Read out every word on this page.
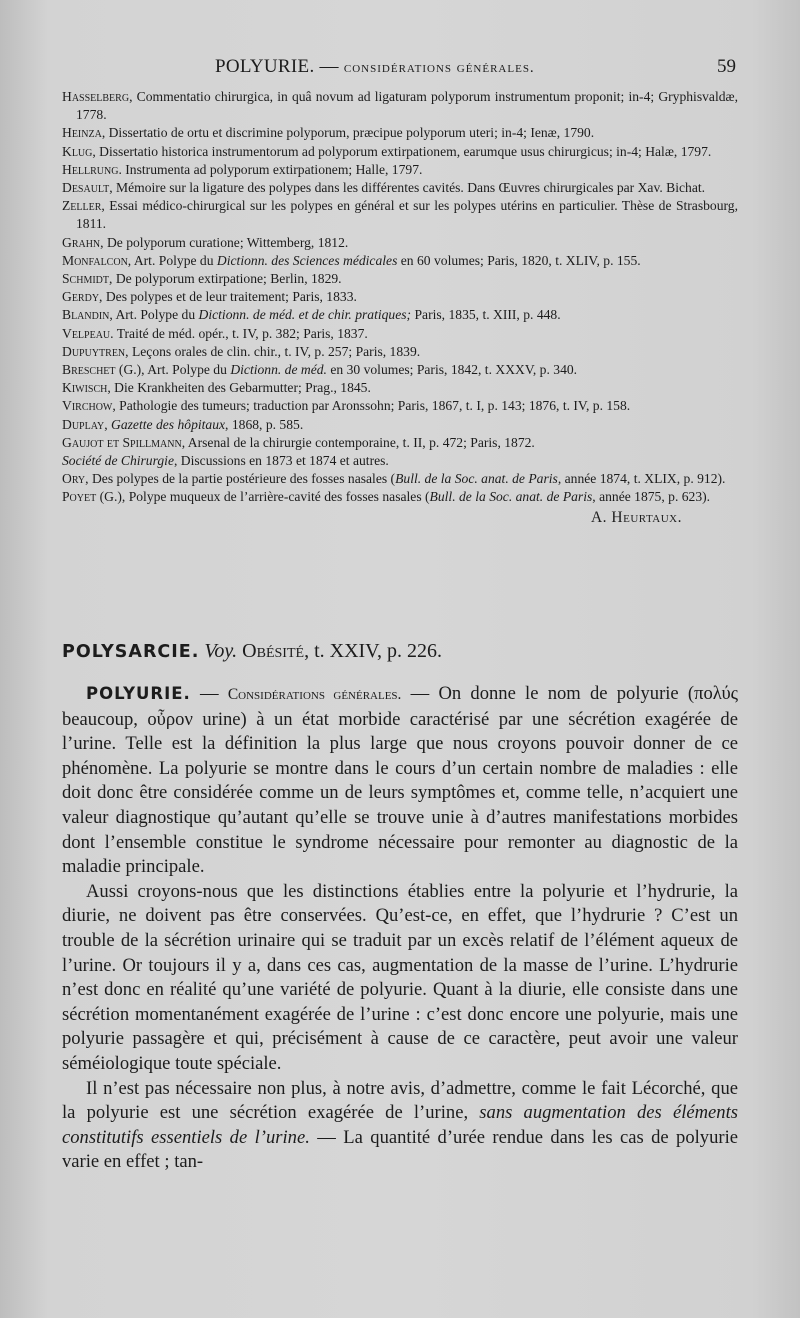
POLYURIE. — considérations générales.	59
Hasselberg, Commentatio chirurgica, in quâ novum ad ligaturam polyporum instrumentum proponit; in-4; Gryphisvaldæ, 1778.
Heinza, Dissertatio de ortu et discrimine polyporum, præcipue polyporum uteri; in-4; Ienæ, 1790.
Klug, Dissertatio historica instrumentorum ad polyporum extirpationem, earumque usus chirurgicus; in-4; Halæ, 1797.
Hellrung. Instrumenta ad polyporum extirpationem; Halle, 1797.
Desault, Mémoire sur la ligature des polypes dans les différentes cavités. Dans Œuvres chirurgicales par Xav. Bichat.
Zeller, Essai médico-chirurgical sur les polypes en général et sur les polypes utérins en particulier. Thèse de Strasbourg, 1811.
Grahn, De polyporum curatione; Wittemberg, 1812.
Monfalcon, Art. Polype du Dictionn. des Sciences médicales en 60 volumes; Paris, 1820, t. XLIV, p. 155.
Schmidt, De polyporum extirpatione; Berlin, 1829.
Gerdy, Des polypes et de leur traitement; Paris, 1833.
Blandin, Art. Polype du Dictionn. de méd. et de chir. pratiques; Paris, 1835, t. XIII, p. 448.
Velpeau. Traité de méd. opér., t. IV, p. 382; Paris, 1837.
Dupuytren, Leçons orales de clin. chir., t. IV, p. 257; Paris, 1839.
Breschet (G.), Art. Polype du Dictionn. de méd. en 30 volumes; Paris, 1842, t. XXXV, p. 340.
Kiwisch, Die Krankheiten des Gebarmutter; Prag., 1845.
Virchow, Pathologie des tumeurs; traduction par Aronssohn; Paris, 1867, t. I, p. 143; 1876, t. IV, p. 158.
Duplay, Gazette des hôpitaux, 1868, p. 585.
Gaujot et Spillmann, Arsenal de la chirurgie contemporaine, t. II, p. 472; Paris, 1872.
Société de Chirurgie, Discussions en 1873 et 1874 et autres.
Ory, Des polypes de la partie postérieure des fosses nasales (Bull. de la Soc. anat. de Paris, année 1874, t. XLIX, p. 912).
Poyet (G.), Polype muqueux de l’arrière-cavité des fosses nasales (Bull. de la Soc. anat. de Paris, année 1875, p. 623).
A. Heurtaux.
POLYSARCIE. Voy. Obésité, t. XXIV, p. 226.

POLYURIE. — Considérations générales. — On donne le nom de polyurie (πολύς beaucoup, οὖρον urine) à un état morbide caractérisé par une sécrétion exagérée de l’urine. Telle est la définition la plus large que nous croyons pouvoir donner de ce phénomène. La polyurie se montre dans le cours d’un certain nombre de maladies : elle doit donc être considérée comme un de leurs symptômes et, comme telle, n’acquiert une valeur diagnostique qu’autant qu’elle se trouve unie à d’autres manifestations morbides dont l’ensemble constitue le syndrome nécessaire pour remonter au diagnostic de la maladie principale.

Aussi croyons-nous que les distinctions établies entre la polyurie et l’hydrurie, la diurie, ne doivent pas être conservées. Qu’est-ce, en effet, que l’hydrurie ? C’est un trouble de la sécrétion urinaire qui se traduit par un excès relatif de l’élément aqueux de l’urine. Or toujours il y a, dans ces cas, augmentation de la masse de l’urine. L’hydrurie n’est donc en réalité qu’une variété de polyurie. Quant à la diurie, elle consiste dans une sécrétion momentanément exagérée de l’urine : c’est donc encore une polyurie, mais une polyurie passagère et qui, précisément à cause de ce caractère, peut avoir une valeur séméiologique toute spéciale.

Il n’est pas nécessaire non plus, à notre avis, d’admettre, comme le fait Lécorché, que la polyurie est une sécrétion exagérée de l’urine, sans augmentation des éléments constitutifs essentiels de l’urine. — La quantité d’urée rendue dans les cas de polyurie varie en effet ; tan-
